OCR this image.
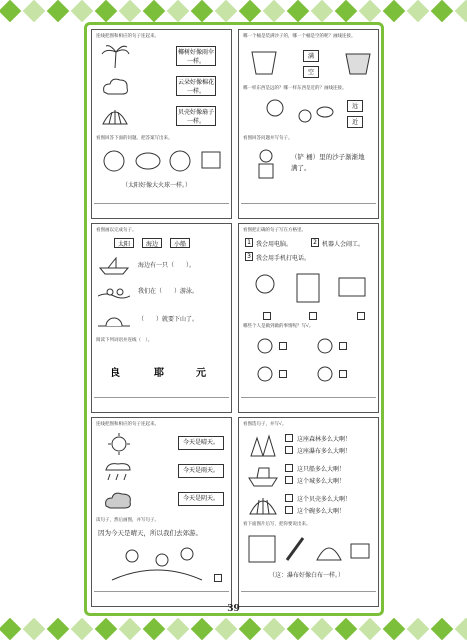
连线把图和相应的句子连起来。
椰树好像雨伞一样。
云朵好像棉花一样。
贝壳好像扇子一样。
看图回答下面的问题。把答案写出来。
（太阳好像大火球一样。）
哪一个桶是装满沙子的，哪一个桶是空的呢？画线连接。
满
空
哪一样东西是远的？哪一样东西是近的？画线连接。
远
近
看图回答问题并写句子。
（铲 桶）里的沙子渐渐地满了。
看图画以完成句子。
太阳	海边	小船
海边有一只（　　）。
我们在（　　）游泳。
（　　）就要下山了。
阅读下列词语并连线（　）。
良	耶	元
看图把正确的句子写在方格里。
1 我会用电脑。	2 机器人会闹工。
3 我会用手机打电话。
哪些个人是做到做的事情呢？写√。
连线把图和相应的句子连起来。
今天是晴天。
今天是雨天。
今天是阴天。
读句子，然后画图，并写句子。
因为今天是晴天，所以我们去郊游。
看图选句子，并写√。
这座森林多么大啊！
这座瀑布多么大啊！
这只船多么大啊！
这个城多么大啊！
这个贝壳多么大啊！
这个碗多么大啊！
看下面图片后写，把你要说出来。
（这：瀑布好像白布一样。）
39
